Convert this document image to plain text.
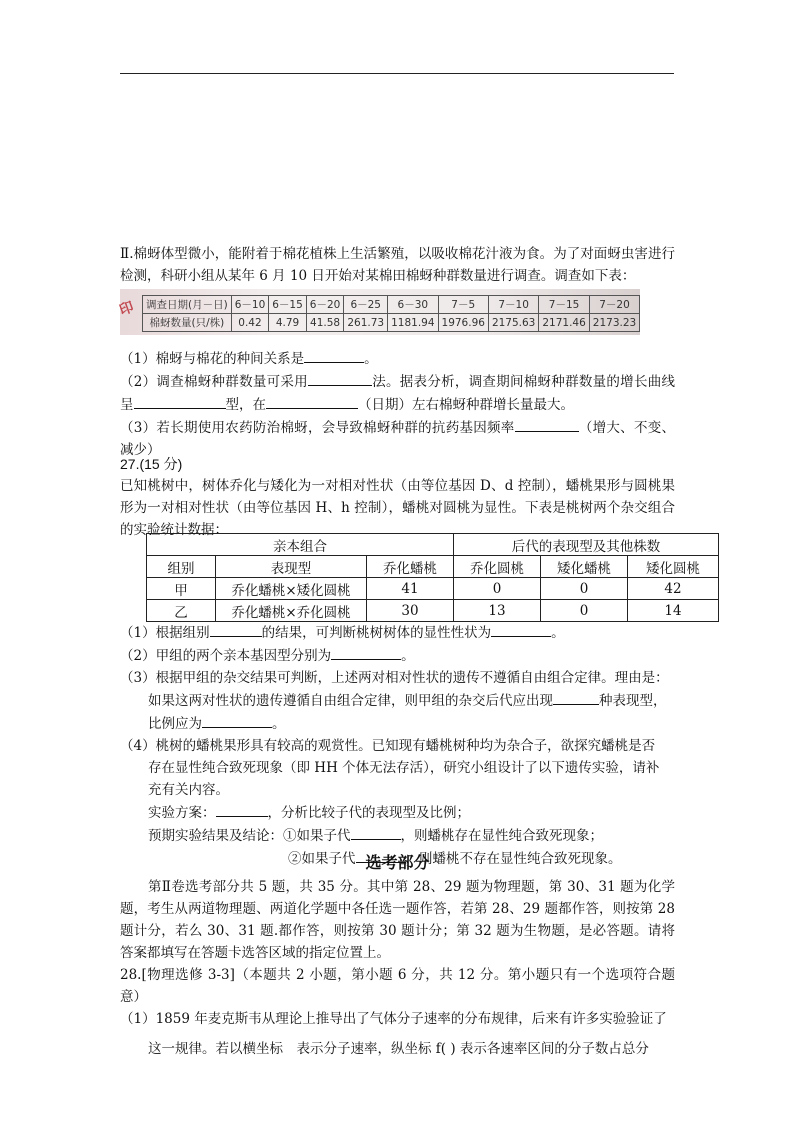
Ⅱ.棉蚜体型微小，能附着于棉花植株上生活繁殖，以吸收棉花汁液为食。为了对面蚜虫害进行检测，科研小组从某年 6 月 10 日开始对某棉田棉蚜种群数量进行调查。调查如下表：

印 调查日期(月－日)	6－10	6－15	6－20	6－25	6－30	7－5	7－10	7－15	7－20
棉蚜数量(只/株)	0.42	4.79	41.58	261.73	1181.94	1976.96	2175.63	2171.46	2173.23

（1）棉蚜与棉花的种间关系是	。

（2）调查棉蚜种群数量可采用	法。据表分析，调查期间棉蚜种群数量的增长曲线呈	型，在	（日期）左右棉蚜种群增长量最大。

（3）若长期使用农药防治棉蚜，会导致棉蚜种群的抗药基因频率	（增大、不变、减少）

27.(15 分)

已知桃树中，树体乔化与矮化为一对相对性状（由等位基因 D、d 控制），蟠桃果形与圆桃果形为一对相对性状（由等位基因 H、h 控制），蟠桃对圆桃为显性。下表是桃树两个杂交组合的实验统计数据：

亲本组合			后代的表现型及其他株数		
组别	表现型	乔化蟠桃	乔化圆桃	矮化蟠桃	矮化圆桃
甲	乔化蟠桃×矮化圆桃	41	0	0	42
乙	乔化蟠桃×乔化圆桃	30	13	0	14

（1）根据组别	的结果，可判断桃树树体的显性性状为	。

（2）甲组的两个亲本基因型分别为	。

（3）根据甲组的杂交结果可判断，上述两对相对性状的遗传不遵循自由组合定律。理由是：

如果这两对性状的遗传遵循自由组合定律，则甲组的杂交后代应出现	种表现型，

比例应为	。

（4）桃树的蟠桃果形具有较高的观赏性。已知现有蟠桃树种均为杂合子，欲探究蟠桃是否

存在显性纯合致死现象（即 HH 个体无法存活），研究小组设计了以下遗传实验，请补

充有关内容。

实验方案：	，分析比较子代的表现型及比例；

预期实验结果及结论：①如果子代	，则蟠桃存在显性纯合致死现象；

②如果子代	，则蟠桃不存在显性纯合致死现象。

选考部分

第Ⅱ卷选考部分共 5 题，共 35 分。其中第 28、29 题为物理题，第 30、31 题为化学题，考生从两道物理题、两道化学题中各任选一题作答，若第 28、29 题都作答，则按第 28 题计分，若么 30、31 题.都作答，则按第 30 题计分；第 32 题为生物题，是必答题。请将答案都填写在答题卡选答区域的指定位置上。

28.[物理选修 3-3]（本题共 2 小题，第小题 6 分，共 12 分。第小题只有一个选项符合题意）

（1）1859 年麦克斯韦从理论上推导出了气体分子速率的分布规律，后来有许多实验验证了

这一规律。若以横坐标　表示分子速率，纵坐标 f( ) 表示各速率区间的分子数占总分
